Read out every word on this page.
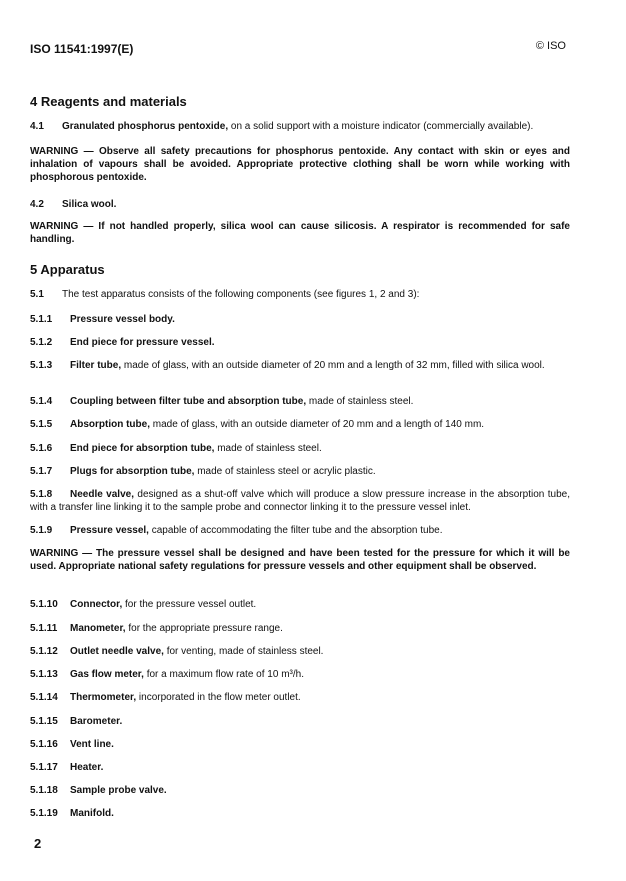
ISO 11541:1997(E)	© ISO
4 Reagents and materials
4.1 Granulated phosphorus pentoxide, on a solid support with a moisture indicator (commercially available).
WARNING — Observe all safety precautions for phosphorus pentoxide. Any contact with skin or eyes and inhalation of vapours shall be avoided. Appropriate protective clothing shall be worn while working with phosphorous pentoxide.
4.2 Silica wool.
WARNING — If not handled properly, silica wool can cause silicosis. A respirator is recommended for safe handling.
5 Apparatus
5.1 The test apparatus consists of the following components (see figures 1, 2 and 3):
5.1.1 Pressure vessel body.
5.1.2 End piece for pressure vessel.
5.1.3 Filter tube, made of glass, with an outside diameter of 20 mm and a length of 32 mm, filled with silica wool.
5.1.4 Coupling between filter tube and absorption tube, made of stainless steel.
5.1.5 Absorption tube, made of glass, with an outside diameter of 20 mm and a length of 140 mm.
5.1.6 End piece for absorption tube, made of stainless steel.
5.1.7 Plugs for absorption tube, made of stainless steel or acrylic plastic.
5.1.8 Needle valve, designed as a shut-off valve which will produce a slow pressure increase in the absorption tube, with a transfer line linking it to the sample probe and connector linking it to the pressure vessel inlet.
5.1.9 Pressure vessel, capable of accommodating the filter tube and the absorption tube.
WARNING — The pressure vessel shall be designed and have been tested for the pressure for which it will be used. Appropriate national safety regulations for pressure vessels and other equipment shall be observed.
5.1.10 Connector, for the pressure vessel outlet.
5.1.11 Manometer, for the appropriate pressure range.
5.1.12 Outlet needle valve, for venting, made of stainless steel.
5.1.13 Gas flow meter, for a maximum flow rate of 10 m³/h.
5.1.14 Thermometer, incorporated in the flow meter outlet.
5.1.15 Barometer.
5.1.16 Vent line.
5.1.17 Heater.
5.1.18 Sample probe valve.
5.1.19 Manifold.
2
